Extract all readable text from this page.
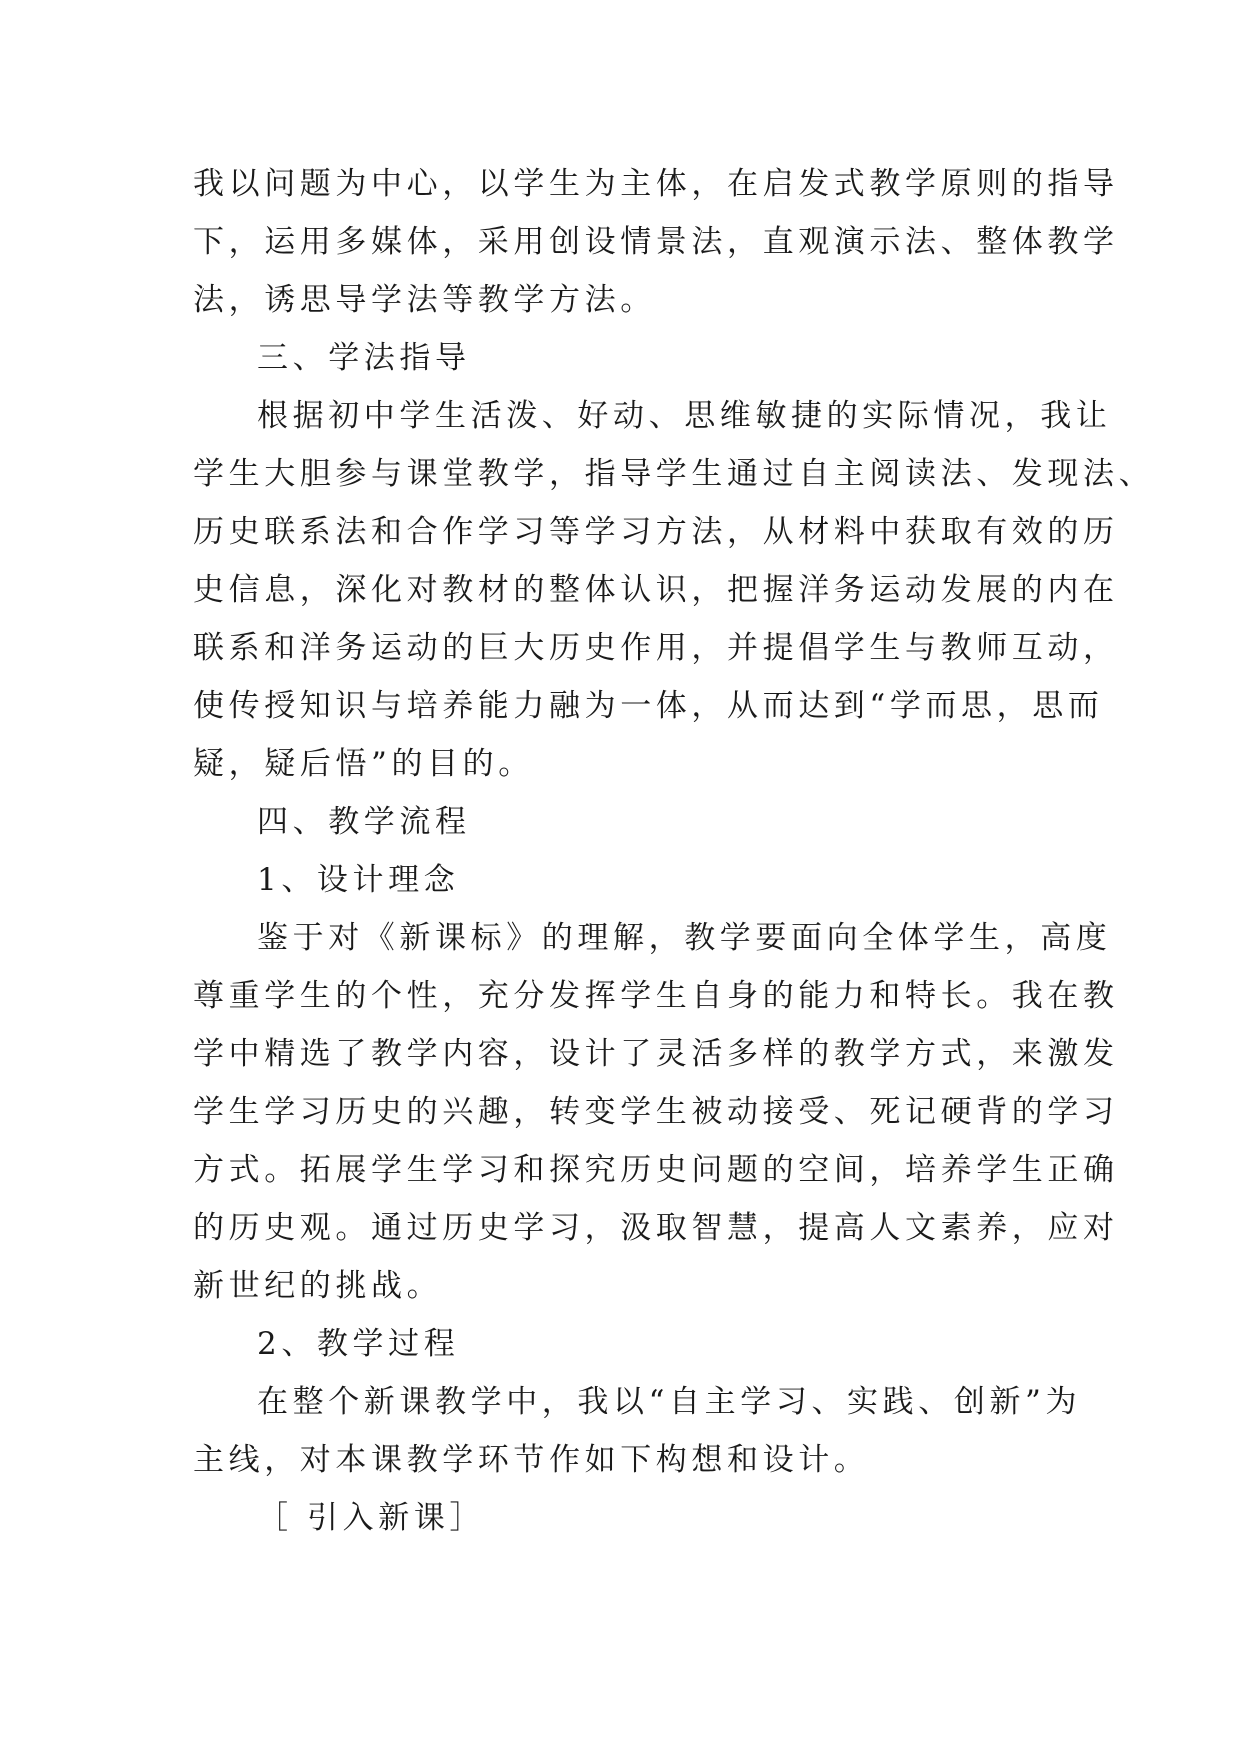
我以问题为中心，以学生为主体，在启发式教学原则的指导
下，运用多媒体，采用创设情景法，直观演示法、整体教学
法，诱思导学法等教学方法。
三、学法指导
根据初中学生活泼、好动、思维敏捷的实际情况，我让
学生大胆参与课堂教学，指导学生通过自主阅读法、发现法、
历史联系法和合作学习等学习方法，从材料中获取有效的历
史信息，深化对教材的整体认识，把握洋务运动发展的内在
联系和洋务运动的巨大历史作用，并提倡学生与教师互动，
使传授知识与培养能力融为一体，从而达到“学而思，思而
疑，疑后悟”的目的。
四、教学流程
1、设计理念
鉴于对《新课标》的理解，教学要面向全体学生，高度
尊重学生的个性，充分发挥学生自身的能力和特长。我在教
学中精选了教学内容，设计了灵活多样的教学方式，来激发
学生学习历史的兴趣，转变学生被动接受、死记硬背的学习
方式。拓展学生学习和探究历史问题的空间，培养学生正确
的历史观。通过历史学习，汲取智慧，提高人文素养，应对
新世纪的挑战。
2、教学过程
在整个新课教学中，我以“自主学习、实践、创新”为
主线，对本课教学环节作如下构想和设计。
［ 引入新课］
